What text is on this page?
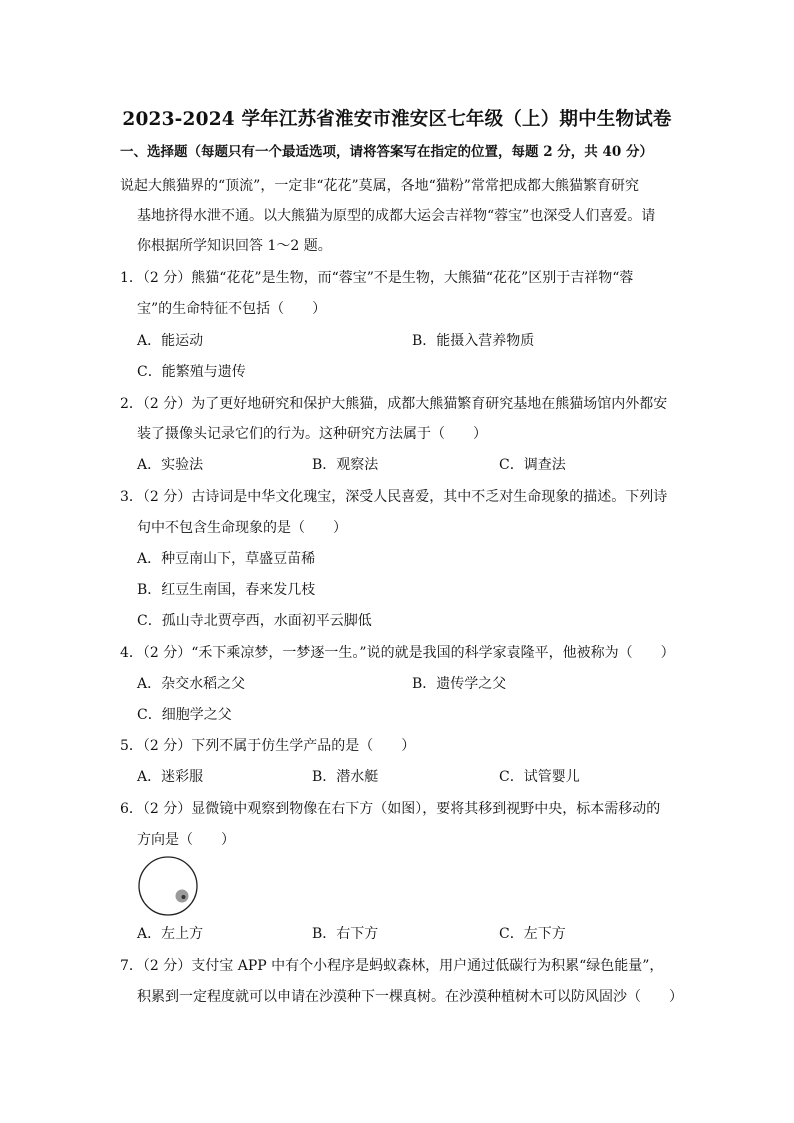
2023-2024 学年江苏省淮安市淮安区七年级（上）期中生物试卷
一、选择题（每题只有一个最适选项，请将答案写在指定的位置，每题 2 分，共 40 分）
说起大熊猫界的“顶流”，一定非“花花”莫属，各地“猫粉”常常把成都大熊猫繁育研究
基地挤得水泄不通。以大熊猫为原型的成都大运会吉祥物“蓉宝”也深受人们喜爱。请
你根据所学知识回答 1～2 题。
1．（2 分）熊猫“花花”是生物，而“蓉宝”不是生物，大熊猫“花花”区别于吉祥物“蓉
宝”的生命特征不包括（　　）
A．能运动	B．能摄入营养物质
C．能繁殖与遗传
2．（2 分）为了更好地研究和保护大熊猫，成都大熊猫繁育研究基地在熊猫场馆内外都安
装了摄像头记录它们的行为。这种研究方法属于（　　）
A．实验法	B．观察法	C．调查法
3．（2 分）古诗词是中华文化瑰宝，深受人民喜爱，其中不乏对生命现象的描述。下列诗
句中不包含生命现象的是（　　）
A．种豆南山下，草盛豆苗稀
B．红豆生南国，春来发几枝
C．孤山寺北贾亭西，水面初平云脚低
4．（2 分）“禾下乘凉梦，一梦逐一生。”说的就是我国的科学家袁隆平，他被称为（　　）
A．杂交水稻之父	B．遗传学之父
C．细胞学之父
5．（2 分）下列不属于仿生学产品的是（　　）
A．迷彩服	B．潜水艇	C．试管婴儿
6．（2 分）显微镜中观察到物像在右下方（如图），要将其移到视野中央，标本需移动的
方向是（　　）
A．左上方	B．右下方	C．左下方
7．（2 分）支付宝 APP 中有个小程序是蚂蚁森林，用户通过低碳行为积累“绿色能量”，
积累到一定程度就可以申请在沙漠种下一棵真树。在沙漠种植树木可以防风固沙（　　）
